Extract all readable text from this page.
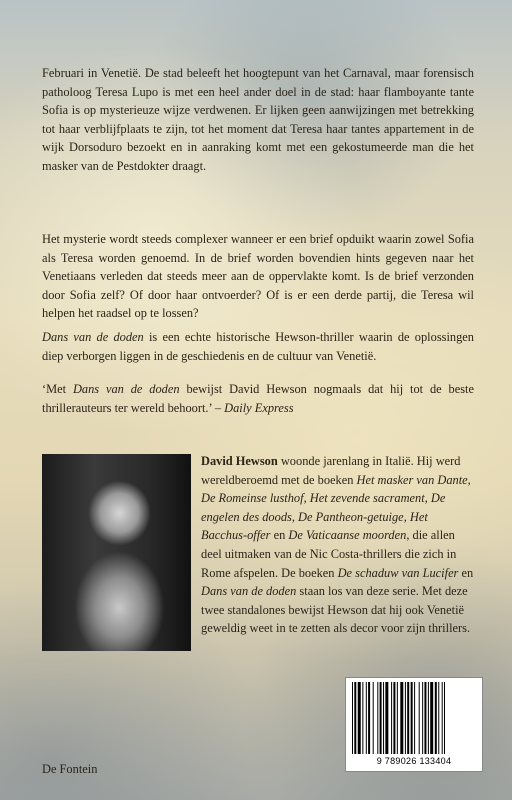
Februari in Venetië. De stad beleeft het hoogtepunt van het Carnaval, maar forensisch patholoog Teresa Lupo is met een heel ander doel in de stad: haar flamboyante tante Sofia is op mysterieuze wijze verdwenen. Er lijken geen aanwijzingen met betrekking tot haar verblijfplaats te zijn, tot het moment dat Teresa haar tantes appartement in de wijk Dorsoduro bezoekt en in aanraking komt met een gekostumeerde man die het masker van de Pestdokter draagt.

Het mysterie wordt steeds complexer wanneer er een brief opduikt waarin zowel Sofia als Teresa worden genoemd. In de brief worden bovendien hints gegeven naar het Venetiaans verleden dat steeds meer aan de oppervlakte komt. Is de brief verzonden door Sofia zelf? Of door haar ontvoerder? Of is er een derde partij, die Teresa wil helpen het raadsel op te lossen?

Dans van de doden is een echte historische Hewson-thriller waarin de oplossingen diep verborgen liggen in de geschiedenis en de cultuur van Venetië.

‘Met Dans van de doden bewijst David Hewson nogmaals dat hij tot de beste thrillerauteurs ter wereld behoort.’ – Daily Express

David Hewson woonde jarenlang in Italië. Hij werd wereldberoemd met de boeken Het masker van Dante, De Romeinse lusthof, Het zevende sacrament, De engelen des doods, De Pantheon-getuige, Het Bacchus-offer en De Vaticaanse moorden, die allen deel uitmaken van de Nic Costa-thrillers die zich in Rome afspelen. De boeken De schaduw van Lucifer en Dans van de doden staan los van deze serie. Met deze twee standalones bewijst Hewson dat hij ook Venetië geweldig weet in te zetten als decor voor zijn thrillers.

9 789026 133404
De Fontein
